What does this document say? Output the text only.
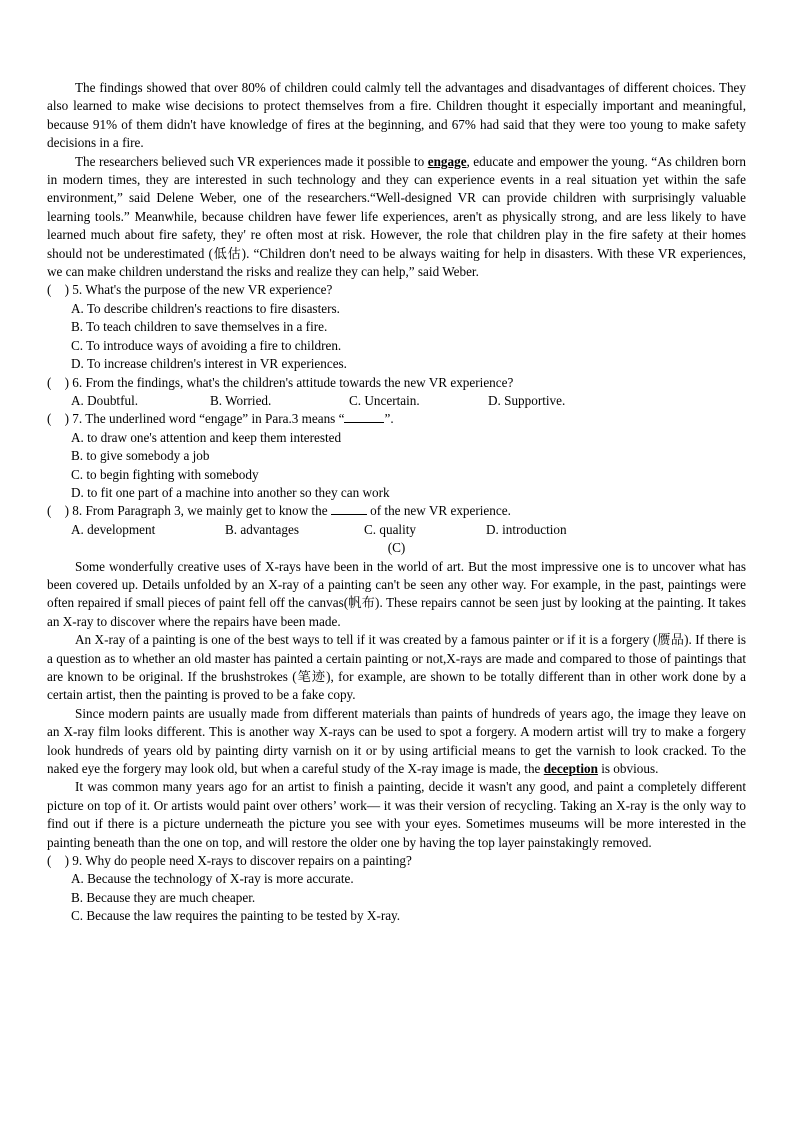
The findings showed that over 80% of children could calmly tell the advantages and disadvantages of different choices. They also learned to make wise decisions to protect themselves from a fire. Children thought it especially important and meaningful, because 91% of them didn't have knowledge of fires at the beginning, and 67% had said that they were too young to make safety decisions in a fire.

The researchers believed such VR experiences made it possible to engage, educate and empower the young. “As children born in modern times, they are interested in such technology and they can experience events in a real situation yet within the safe environment,” said Delene Weber, one of the researchers.“Well-designed VR can provide children with surprisingly valuable learning tools.” Meanwhile, because children have fewer life experiences, aren't as physically strong, and are less likely to have learned much about fire safety, they' re often most at risk. However, the role that children play in the fire safety at their homes should not be underestimated (低估). “Children don't need to be always waiting for help in disasters. With these VR experiences, we can make children understand the risks and realize they can help,” said Weber.

(    ) 5. What's the purpose of the new VR experience?

A. To describe children's reactions to fire disasters.

B. To teach children to save themselves in a fire.

C. To introduce ways of avoiding a fire to children.

D. To increase children's interest in VR experiences.

(    ) 6. From the findings, what's the children's attitude towards the new VR experience?

A. Doubtful.	B. Worried.	C. Uncertain.	D. Supportive.

(    ) 7. The underlined word “engage” in Para.3 means “	”.

A. to draw one's attention and keep them interested

B. to give somebody a job

C. to begin fighting with somebody

D. to fit one part of a machine into another so they can work

(    ) 8. From Paragraph 3, we mainly get to know the	of the new VR experience.

A. development	B. advantages	C. quality	D. introduction

(C)

Some wonderfully creative uses of X-rays have been in the world of art. But the most impressive one is to uncover what has been covered up. Details unfolded by an X-ray of a painting can't be seen any other way. For example, in the past, paintings were often repaired if small pieces of paint fell off the canvas(帆布). These repairs cannot be seen just by looking at the painting. It takes an X-ray to discover where the repairs have been made.

An X-ray of a painting is one of the best ways to tell if it was created by a famous painter or if it is a forgery (赝品). If there is a question as to whether an old master has painted a certain painting or not,X-rays are made and compared to those of paintings that are known to be original. If the brushstrokes (笔迹), for example, are shown to be totally different than in other work done by a certain artist, then the painting is proved to be a fake copy.

Since modern paints are usually made from different materials than paints of hundreds of years ago, the image they leave on an X-ray film looks different. This is another way X-rays can be used to spot a forgery. A modern artist will try to make a forgery look hundreds of years old by painting dirty varnish on it or by using artificial means to get the varnish to look cracked. To the naked eye the forgery may look old, but when a careful study of the X-ray image is made, the deception is obvious.

It was common many years ago for an artist to finish a painting, decide it wasn't any good, and paint a completely different picture on top of it. Or artists would paint over others’ work— it was their version of recycling. Taking an X-ray is the only way to find out if there is a picture underneath the picture you see with your eyes. Sometimes museums will be more interested in the painting beneath than the one on top, and will restore the older one by having the top layer painstakingly removed.

(    ) 9. Why do people need X-rays to discover repairs on a painting?

A. Because the technology of X-ray is more accurate.

B. Because they are much cheaper.

C. Because the law requires the painting to be tested by X-ray.
